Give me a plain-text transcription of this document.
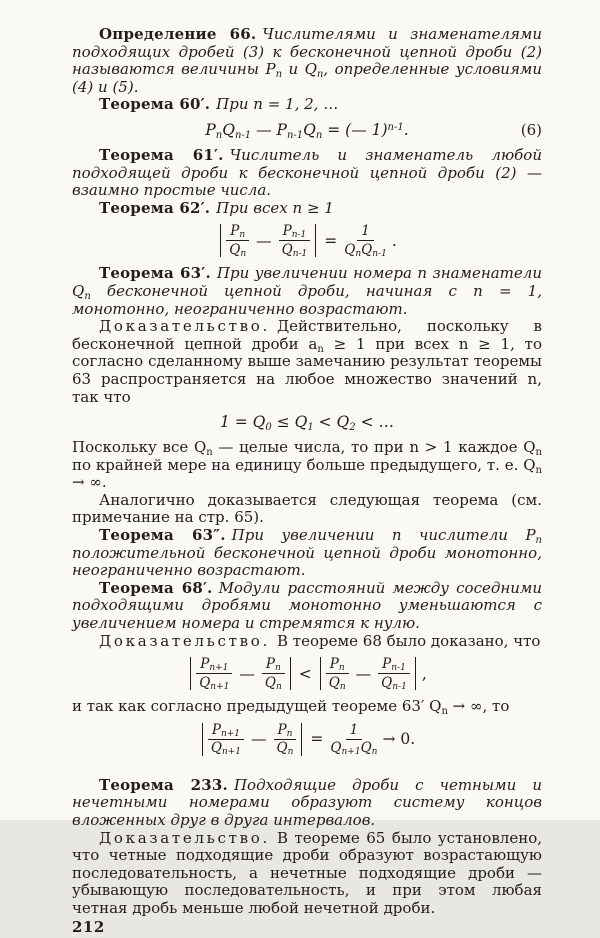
Определение 66. Числителями и знаменателями подходящих дробей (3) к бесконечной цепной дроби (2) называются величины $P_n$ и $Q_n$, определенные условиями (4) и (5).

Теорема 60′. При n = 1, 2, …

$P_nQ_{n-1}$ — $P_{n-1}Q_n$ = (— 1)$^{n-1}$.	(6)

Теорема 61′. Числитель и знаменатель любой подходящей дроби к бесконечной цепной дроби (2) — взаимно простые числа.

Теорема 62′. При всех n ≥ 1

$\frac{P_n}{Q_n}$ — $\frac{P_{n-1}}{Q_{n-1}} = \frac{1}{Q_nQ_{n-1}}$ .

Теорема 63′. При увеличении номера n знаменатели $Q_n$ бесконечной цепной дроби, начиная с n = 1, монотонно, неограниченно возрастают.

Доказательство. Действительно, поскольку в бесконечной цепной дроби $a_n \ge 1$ при всех n ≥ 1, то согласно сделанному выше замечанию результат теоремы 63 распространяется на любое множество значений n, так что

$1 = Q_0 \le Q_1 < Q_2$ < …

Поскольку все $Q_n$ — целые числа, то при n > 1 каждое $Q_n$ по крайней мере на единицу больше предыдущего, т. е. $Q_n$ → ∞.

Аналогично доказывается следующая теорема (см. примечание на стр. 65).

Теорема 63″. При увеличении n числители $P_n$ положительной бесконечной цепной дроби монотонно, неограниченно возрастают.

Теорема 68′. Модули расстояний между соседними подходящими дробями монотонно уменьшаются с увеличением номера и стремятся к нулю.

Доказательство. В теореме 68 было доказано, что

$\frac{P_{n+1}}{Q_{n+1}}$ — $\frac{P_n}{Q_n} < \frac{P_n}{Q_n}$ — $\frac{P_{n-1}}{Q_{n-1}}$ ,

и так как согласно предыдущей теореме 63′ $Q_n$ → ∞, то

$\frac{P_{n+1}}{Q_{n+1}}$ — $\frac{P_n}{Q_n} = \frac{1}{Q_{n+1}Q_n} \to 0$.

Теорема 233. Подходящие дроби с четными и нечетными номерами образуют систему концов вложенных друг в друга интервалов.

Доказательство. В теореме 65 было установлено, что четные подходящие дроби образуют возрастающую последовательность, а нечетные подходящие дроби — убывающую последовательность, и при этом любая четная дробь меньше любой нечетной дроби.

212
